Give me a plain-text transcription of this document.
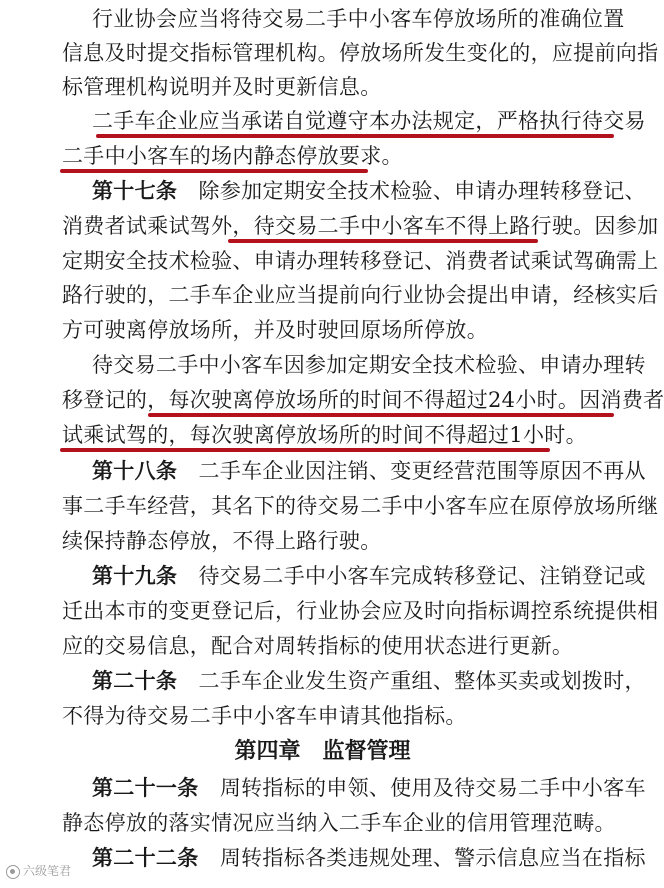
行业协会应当将待交易二手中小客车停放场所的准确位置
信息及时提交指标管理机构。停放场所发生变化的，应提前向指
标管理机构说明并及时更新信息。
二手车企业应当承诺自觉遵守本办法规定，严格执行待交易
二手中小客车的场内静态停放要求。
第十七条　 除参加定期安全技术检验、申请办理转移登记、
消费者试乘试驾外，待交易二手中小客车不得上路行驶。因参加
定期安全技术检验、申请办理转移登记、消费者试乘试驾确需上
路行驶的，二手车企业应当提前向行业协会提出申请，经核实后
方可驶离停放场所，并及时驶回原场所停放。
待交易二手中小客车因参加定期安全技术检验、申请办理转
移登记的，每次驶离停放场所的时间不得超过24小时。因消费者
试乘试驾的，每次驶离停放场所的时间不得超过1小时。
第十八条　 二手车企业因注销、变更经营范围等原因不再从
事二手车经营，其名下的待交易二手中小客车应在原停放场所继
续保持静态停放，不得上路行驶。
第十九条　 待交易二手中小客车完成转移登记、注销登记或
迁出本市的变更登记后，行业协会应及时向指标调控系统提供相
应的交易信息，配合对周转指标的使用状态进行更新。
第二十条　 二手车企业发生资产重组、整体买卖或划拨时，
不得为待交易二手中小客车申请其他指标。
第四章　监督管理
第二十一条　 周转指标的申领、使用及待交易二手中小客车
静态停放的落实情况应当纳入二手车企业的信用管理范畴。
第二十二条　 周转指标各类违规处理、警示信息应当在指标
六级笔君
